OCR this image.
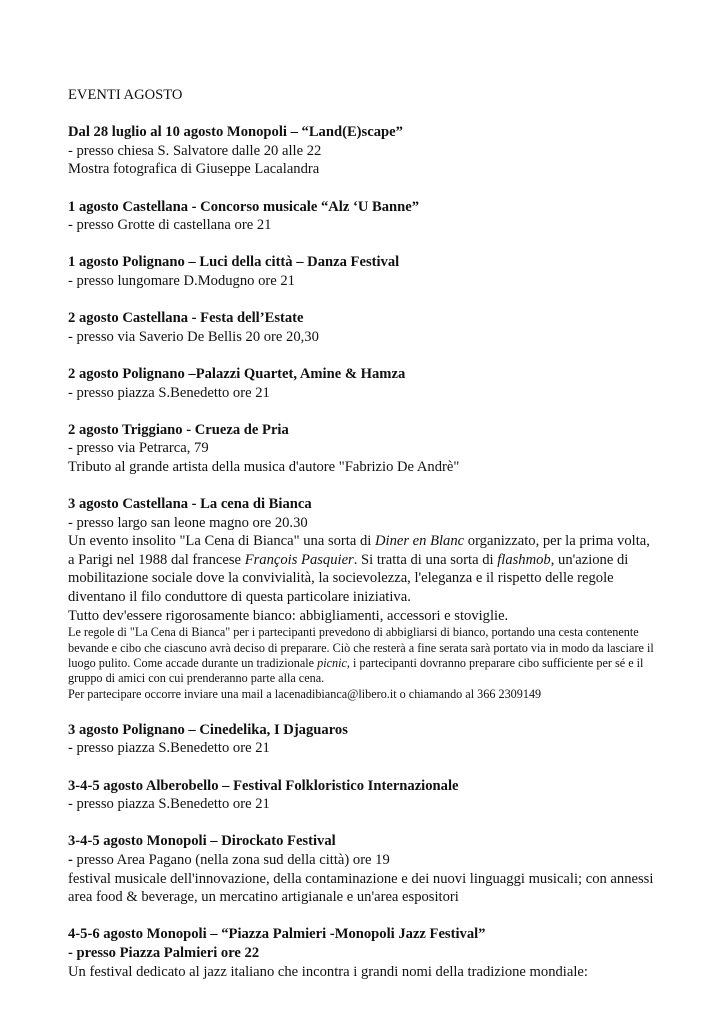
EVENTI AGOSTO

Dal 28 luglio al 10 agosto Monopoli – “Land(E)scape”

- presso chiesa S. Salvatore dalle 20 alle 22

Mostra fotografica di Giuseppe Lacalandra

1 agosto Castellana - Concorso musicale “Alz ‘U Banne”

- presso Grotte di castellana ore 21

1 agosto Polignano – Luci della città – Danza Festival

- presso lungomare D.Modugno ore 21

2 agosto Castellana - Festa dell’Estate

- presso via Saverio De Bellis 20 ore 20,30

2 agosto Polignano –Palazzi Quartet, Amine & Hamza

- presso piazza S.Benedetto ore 21

2 agosto Triggiano - Crueza de Pria

- presso via Petrarca, 79

Tributo al grande artista della musica d'autore "Fabrizio De Andrè"

3 agosto Castellana - La cena di Bianca

- presso largo san leone magno ore 20.30

Un evento insolito "La Cena di Bianca" una sorta di Diner en Blanc organizzato, per la prima volta, a Parigi nel 1988 dal francese François Pasquier. Si tratta di una sorta di flashmob, un'azione di mobilitazione sociale dove la convivialità, la socievolezza, l'eleganza e il rispetto delle regole diventano il filo conduttore di questa particolare iniziativa.

Tutto dev'essere rigorosamente bianco: abbigliamenti, accessori e stoviglie.

Le regole di "La Cena di Bianca" per i partecipanti prevedono di abbigliarsi di bianco, portando una cesta contenente bevande e cibo che ciascuno avrà deciso di preparare. Ciò che resterà a fine serata sarà portato via in modo da lasciare il luogo pulito. Come accade durante un tradizionale picnic, i partecipanti dovranno preparare cibo sufficiente per sé e il gruppo di amici con cui prenderanno parte alla cena.

Per partecipare occorre inviare una mail a lacenadibianca@libero.it o chiamando al 366 2309149

3 agosto Polignano – Cinedelika, I Djaguaros

- presso piazza S.Benedetto ore 21

3-4-5 agosto Alberobello – Festival Folkloristico Internazionale

- presso piazza S.Benedetto ore 21

3-4-5 agosto Monopoli – Dirockato Festival

- presso Area Pagano (nella zona sud della città) ore 19

festival musicale dell'innovazione, della contaminazione e dei nuovi linguaggi musicali; con annessi area food & beverage, un mercatino artigianale e un'area espositori

4-5-6 agosto Monopoli – “Piazza Palmieri -Monopoli Jazz Festival”

- presso Piazza Palmieri ore 22

Un festival dedicato al jazz italiano che incontra i grandi nomi della tradizione mondiale:
